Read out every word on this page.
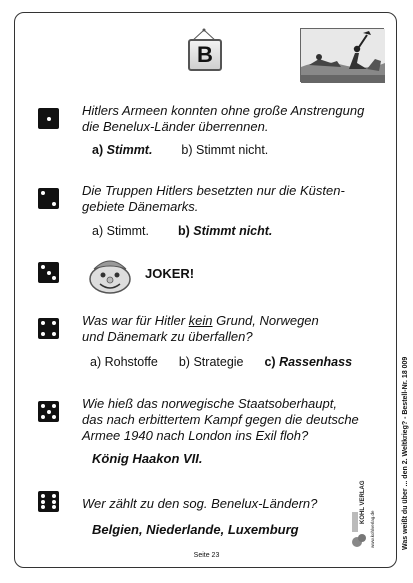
B
Hitlers Armeen konnten ohne große Anstrengung
die Benelux-Länder überrennen.
a) Stimmt. b) Stimmt nicht.
Die Truppen Hitlers besetzten nur die Küsten-
gebiete Dänemarks.
a) Stimmt. b) Stimmt nicht.
JOKER!
Was war für Hitler kein Grund, Norwegen
und Dänemark zu überfallen?
a) Rohstoffe b) Strategie c) Rassenhass
Wie hieß das norwegische Staatsoberhaupt,
das nach erbittertem Kampf gegen die deutsche
Armee 1940 nach London ins Exil floh?
König Haakon VII.
Wer zählt zu den sog. Benelux-Ländern?
Belgien, Niederlande, Luxemburg	Was weißt du über ... den 2. Weltkrieg? - Bestell-Nr. 18 009
KOHL VERLAG
www.kohlverlag.de
Seite 23
